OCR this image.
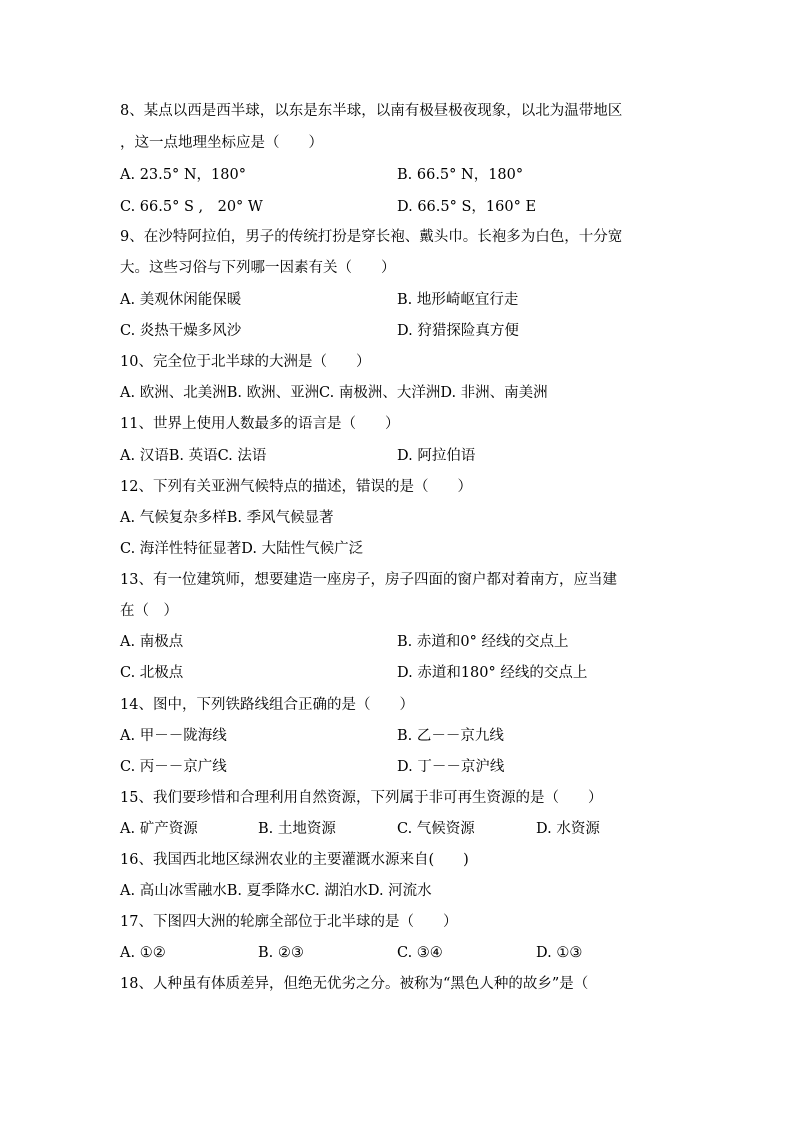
8、某点以西是西半球，以东是东半球，以南有极昼极夜现象，以北为温带地区
，这一点地理坐标应是（　　）
A. 23.5° N，180°	B. 66.5° N，180°
C. 66.5° S ,　20° W	D. 66.5° S，160° E
9、在沙特阿拉伯，男子的传统打扮是穿长袍、戴头巾。长袍多为白色，十分宽
大。这些习俗与下列哪一因素有关（　　）
A. 美观休闲能保暖	B. 地形崎岖宜行走
C. 炎热干燥多风沙	D. 狩猎探险真方便
10、完全位于北半球的大洲是（　　）
A. 欧洲、北美洲B. 欧洲、亚洲C. 南极洲、大洋洲D. 非洲、南美洲
11、世界上使用人数最多的语言是（　　）
A. 汉语B. 英语C. 法语	D. 阿拉伯语
12、下列有关亚洲气候特点的描述，错误的是（　　）
A. 气候复杂多样B. 季风气候显著
C. 海洋性特征显著D. 大陆性气候广泛
13、有一位建筑师，想要建造一座房子，房子四面的窗户都对着南方，应当建
在（　）
A. 南极点	B. 赤道和0° 经线的交点上
C. 北极点	D. 赤道和180° 经线的交点上
14、图中，下列铁路线组合正确的是（　　）
A. 甲－－陇海线	B. 乙－－京九线
C. 丙－－京广线	D. 丁－－京沪线
15、我们要珍惜和合理利用自然资源，下列属于非可再生资源的是（　　）
A. 矿产资源	B. 土地资源	C. 气候资源	D. 水资源
16、我国西北地区绿洲农业的主要灌溉水源来自(　　)
A. 高山冰雪融水B. 夏季降水C. 湖泊水D. 河流水
17、下图四大洲的轮廓全部位于北半球的是（　　）
A. ①②	B. ②③	C. ③④	D. ①③
18、人种虽有体质差异，但绝无优劣之分。被称为“黑色人种的故乡”是（
